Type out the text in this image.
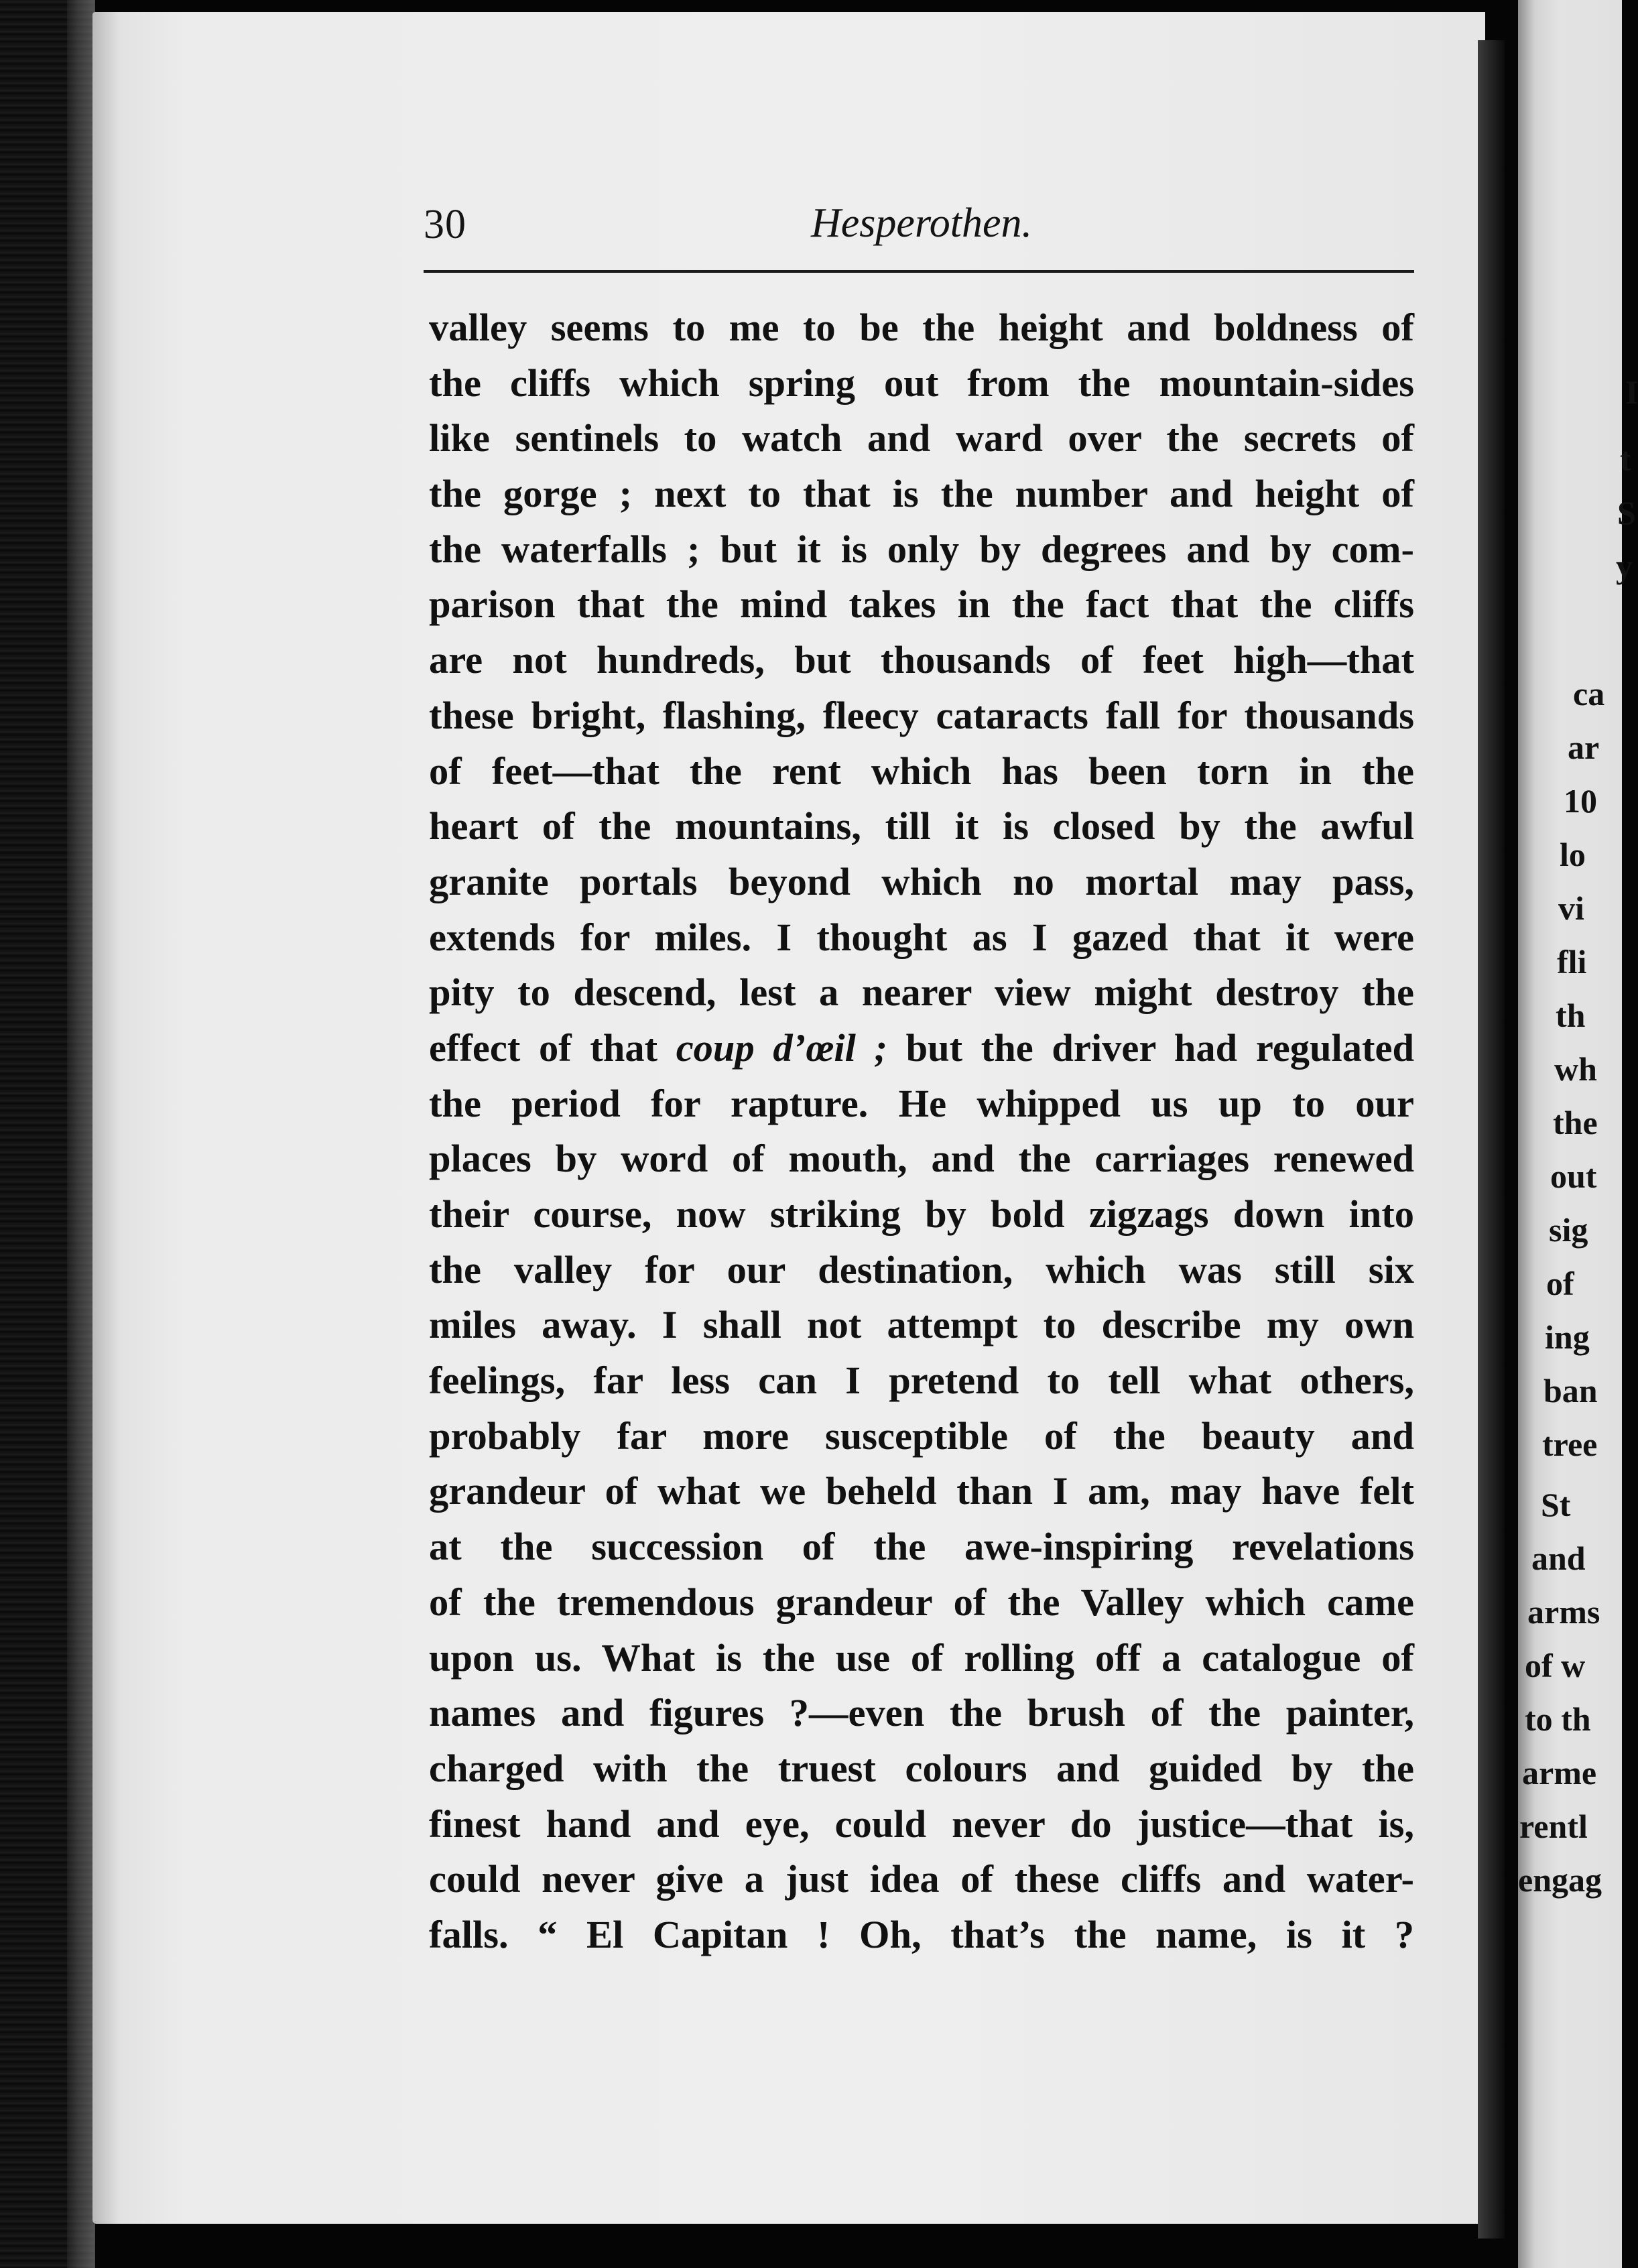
I
t
S
y
ca
ar
10
lo
vi
fli
th
wh
the
out
sig
of
ing
ban
tree
St
and
arms
of w
to th
arme
rentl
engag
30	Hesperothen.
valley seems to me to be the height and boldness of
the cliffs which spring out from the mountain-sides
like sentinels to watch and ward over the secrets of
the gorge ; next to that is the number and height of
the waterfalls ; but it is only by degrees and by com-
parison that the mind takes in the fact that the cliffs
are not hundreds, but thousands of feet high—that
these bright, flashing, fleecy cataracts fall for thousands
of feet—that the rent which has been torn in the
heart of the mountains, till it is closed by the awful
granite portals beyond which no mortal may pass,
extends for miles. I thought as I gazed that it were
pity to descend, lest a nearer view might destroy the
effect of that coup d’œil ; but the driver had regulated
the period for rapture. He whipped us up to our
places by word of mouth, and the carriages renewed
their course, now striking by bold zigzags down into
the valley for our destination, which was still six
miles away. I shall not attempt to describe my own
feelings, far less can I pretend to tell what others,
probably far more susceptible of the beauty and
grandeur of what we beheld than I am, may have felt
at the succession of the awe-inspiring revelations
of the tremendous grandeur of the Valley which came
upon us. What is the use of rolling off a catalogue of
names and figures ?—even the brush of the painter,
charged with the truest colours and guided by the
finest hand and eye, could never do justice—that is,
could never give a just idea of these cliffs and water-
falls. “ El Capitan ! Oh, that’s the name, is it ?
